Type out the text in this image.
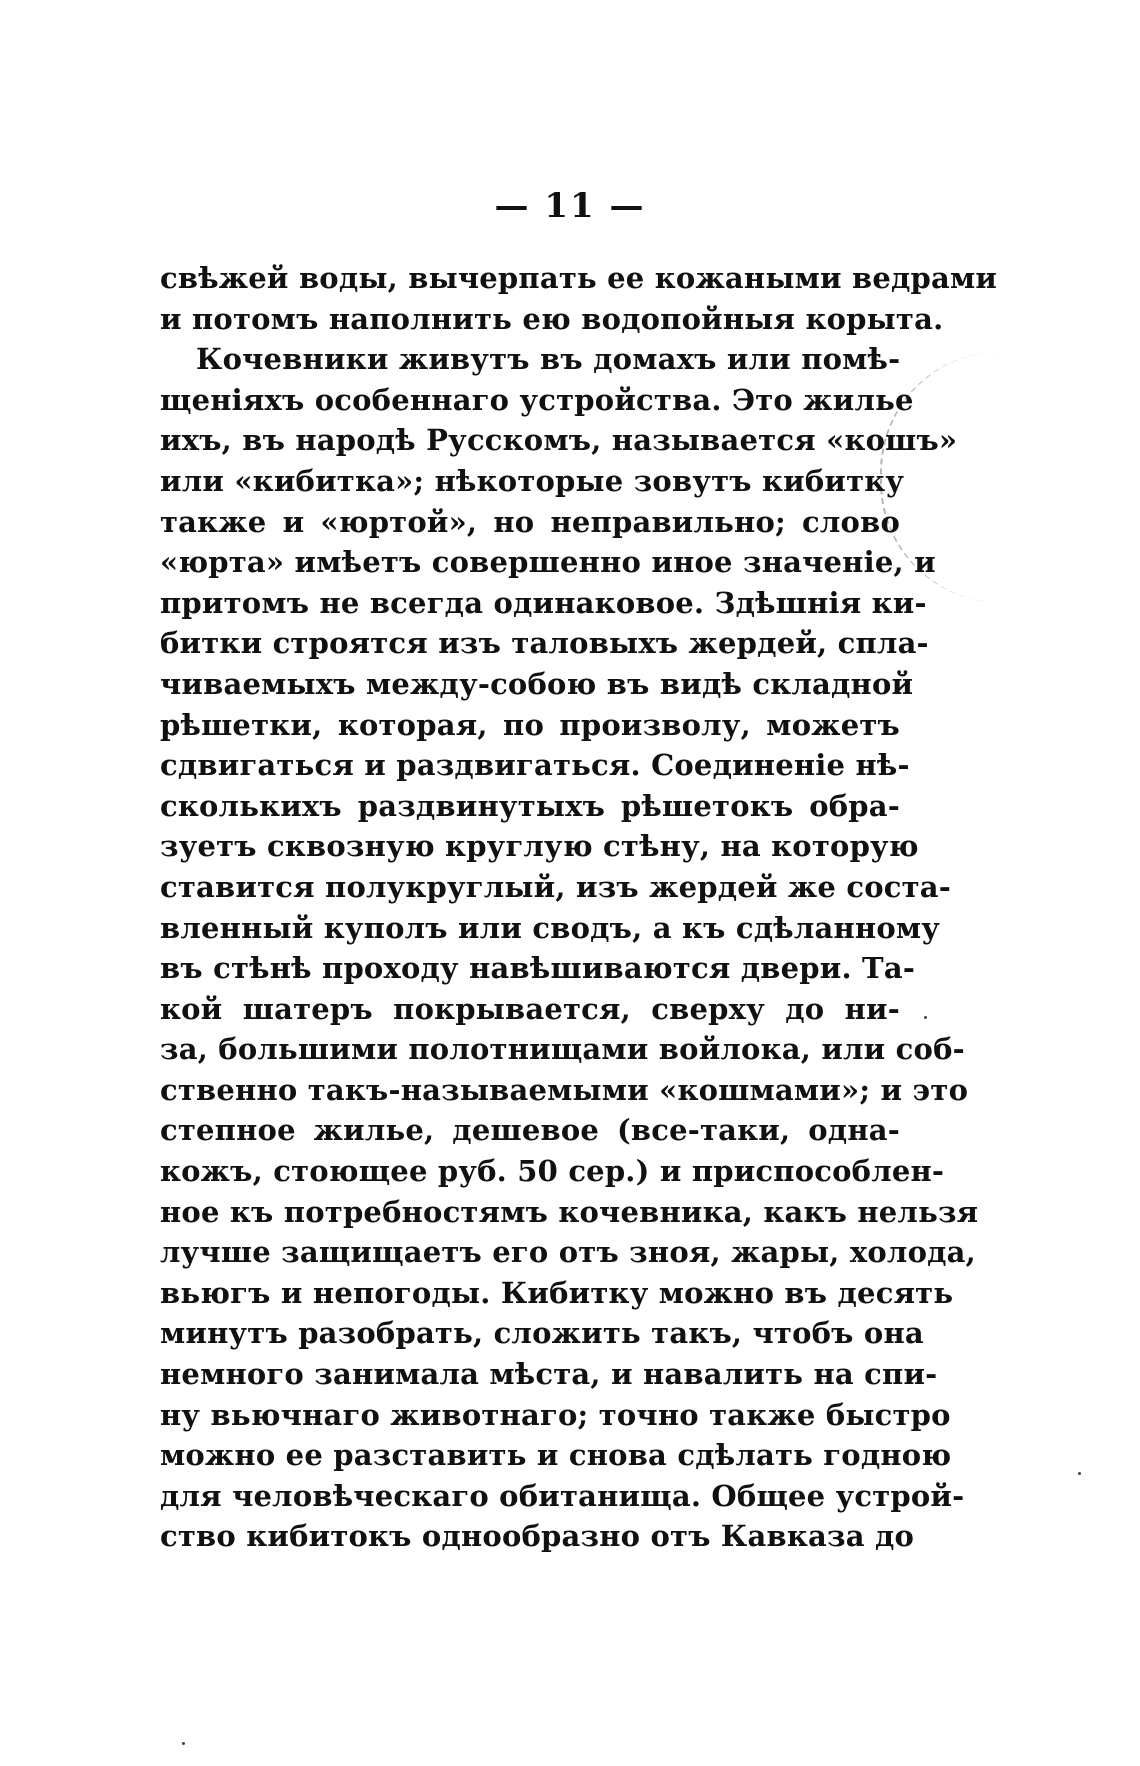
— 11 —
свѣжей воды, вычерпать ее кожаными ведрами
и потомъ наполнить ею водопойныя корыта.
Кочевники живутъ въ домахъ или помѣ-
щеніяхъ особеннаго устройства. Это жилье
ихъ, въ народѣ Русскомъ, называется «кошъ»
или «кибитка»; нѣкоторые зовутъ кибитку
также и «юртой», но неправильно; слово
«юрта» имѣетъ совершенно иное значеніе, и
притомъ не всегда одинаковое. Здѣшнія ки-
битки строятся изъ таловыхъ жердей, спла-
чиваемыхъ между-собою въ видѣ складной
рѣшетки, которая, по произволу, можетъ
сдвигаться и раздвигаться. Соединеніе нѣ-
сколькихъ раздвинутыхъ рѣшетокъ обра-
зуетъ сквозную круглую стѣну, на которую
ставится полукруглый, изъ жердей же соста-
вленный куполъ или сводъ, а къ сдѣланному
въ стѣнѣ проходу навѣшиваются двери. Та-
кой шатеръ покрывается, сверху до ни-
за, большими полотнищами войлока, или соб-
ственно такъ-называемыми «кошмами»; и это
степное жилье, дешевое (все-таки, одна-
кожъ, стоющее руб. 50 сер.) и приспособлен-
ное къ потребностямъ кочевника, какъ нельзя
лучше защищаетъ его отъ зноя, жары, холода,
вьюгъ и непогоды. Кибитку можно въ десять
минутъ разобрать, сложить такъ, чтобъ она
немного занимала мѣста, и навалить на спи-
ну вьючнаго животнаго; точно также быстро
можно ее разставить и снова сдѣлать годною
для человѣческаго обитанища. Общее устрой-
ство кибитокъ однообразно отъ Кавказа до
